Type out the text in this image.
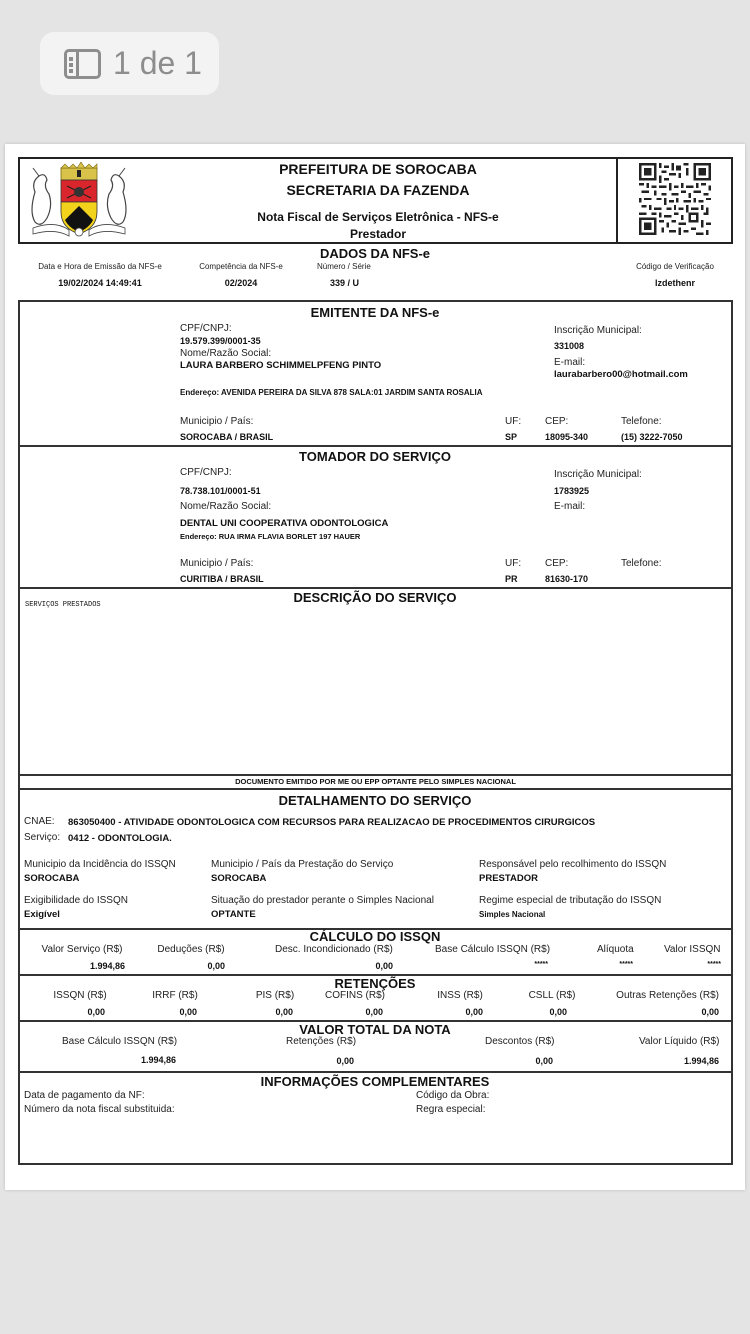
1 de 1
PREFEITURA DE SOROCABA
SECRETARIA DA FAZENDA
Nota Fiscal de Serviços Eletrônica - NFS-e
Prestador
DADOS DA NFS-e
Data e Hora de Emissão da NFS-e
19/02/2024 14:49:41
Competência da NFS-e
02/2024
Número / Série
339 / U
Código de Verificação
lzdethenr
EMITENTE DA NFS-e
CPF/CNPJ:
19.579.399/0001-35
Nome/Razão Social:
LAURA BARBERO SCHIMMELPFENG PINTO
Endereço: AVENIDA PEREIRA DA SILVA 878 SALA:01 JARDIM SANTA ROSALIA
Inscrição Municipal:
331008
E-mail:
laurabarbero00@hotmail.com
Municipio / País:
SOROCABA / BRASIL
UF:
SP
CEP:
18095-340
Telefone:
(15) 3222-7050
TOMADOR DO SERVIÇO
CPF/CNPJ:
78.738.101/0001-51
Nome/Razão Social:
DENTAL UNI COOPERATIVA ODONTOLOGICA
Endereço: RUA IRMA FLAVIA BORLET 197 HAUER
Inscrição Municipal:
1783925
E-mail:
Municipio / País:
CURITIBA / BRASIL
UF:
PR
CEP:
81630-170
Telefone:
DESCRIÇÃO DO SERVIÇO
SERVIÇOS PRESTADOS
DOCUMENTO EMITIDO POR ME OU EPP OPTANTE PELO SIMPLES NACIONAL
DETALHAMENTO DO SERVIÇO
CNAE: 863050400 - ATIVIDADE ODONTOLOGICA COM RECURSOS PARA REALIZACAO DE PROCEDIMENTOS CIRURGICOS
Serviço: 0412 - ODONTOLOGIA.
Municipio da Incidência do ISSQN
SOROCABA
Municipio / País da Prestação do Serviço
SOROCABA
Responsável pelo recolhimento do ISSQN
PRESTADOR
Exigibilidade do ISSQN
Exigível
Situação do prestador perante o Simples Nacional
OPTANTE
Regime especial de tributação do ISSQN
Simples Nacional
CÁLCULO DO ISSQN
Valor Serviço (R$)
1.994,86
Deduções (R$)
0,00
Desc. Incondicionado (R$)
0,00
Base Cálculo ISSQN (R$)
*****
Alíquota
*****
Valor ISSQN
*****
RETENÇÕES
ISSQN (R$)
0,00
IRRF (R$)
0,00
PIS (R$)
0,00
COFINS (R$)
0,00
INSS (R$)
0,00
CSLL (R$)
0,00
Outras Retenções (R$)
0,00
VALOR TOTAL DA NOTA
Base Cálculo ISSQN (R$)
1.994,86
Retenções (R$)
0,00
Descontos (R$)
0,00
Valor Líquido (R$)
1.994,86
INFORMAÇÕES COMPLEMENTARES
Data de pagamento da NF:
Número da nota fiscal substituida:
Código da Obra:
Regra especial:
